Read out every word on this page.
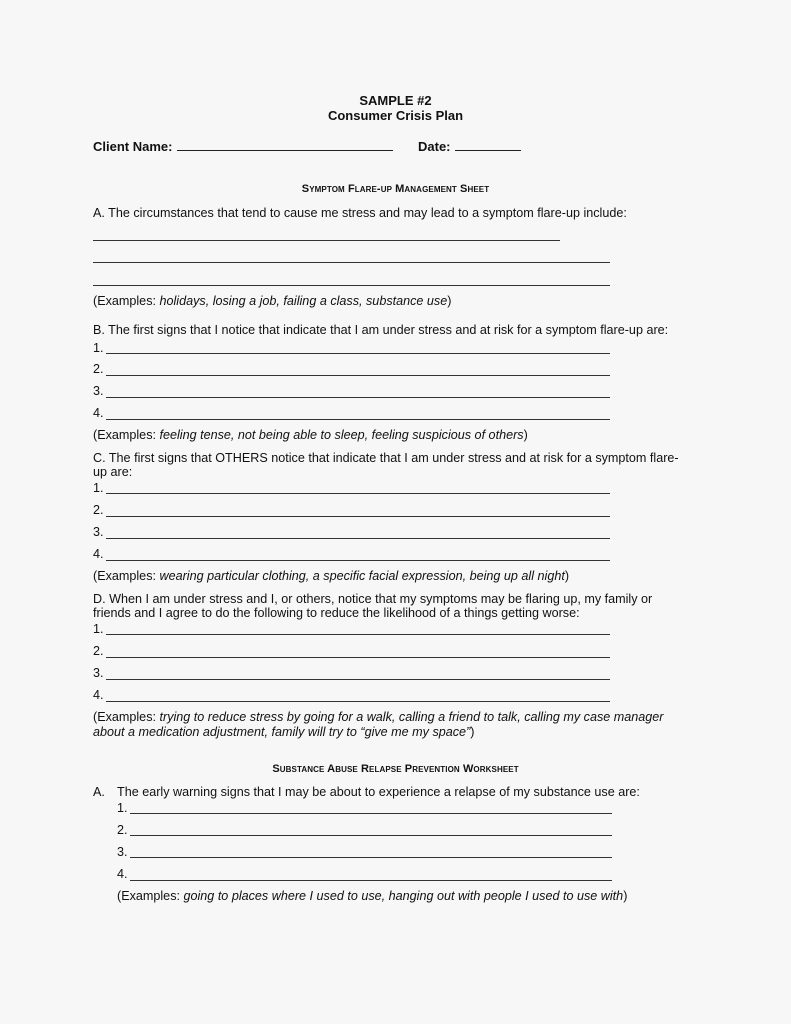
SAMPLE #2
Consumer Crisis Plan
Client Name:	Date:
Symptom Flare-up Management Sheet
A. The circumstances that tend to cause me stress and may lead to a symptom flare-up include:
(Examples: holidays, losing a job, failing a class, substance use)
B. The first signs that I notice that indicate that I am under stress and at risk for a symptom flare-up are:
1.
2.
3.
4.
(Examples: feeling tense, not being able to sleep, feeling suspicious of others)
C. The first signs that OTHERS notice that indicate that I am under stress and at risk for a symptom flare-
up are:
1.
2.
3.
4.
(Examples: wearing particular clothing, a specific facial expression, being up all night)
D. When I am under stress and I, or others, notice that my symptoms may be flaring up, my family or
friends and I agree to do the following to reduce the likelihood of a things getting worse:
1.
2.
3.
4.
(Examples: trying to reduce stress by going for a walk, calling a friend to talk, calling my case manager
about a medication adjustment, family will try to “give me my space”)
Substance Abuse Relapse Prevention Worksheet
A. The early warning signs that I may be about to experience a relapse of my substance use are:
1.
2.
3.
4.
(Examples: going to places where I used to use, hanging out with people I used to use with)
